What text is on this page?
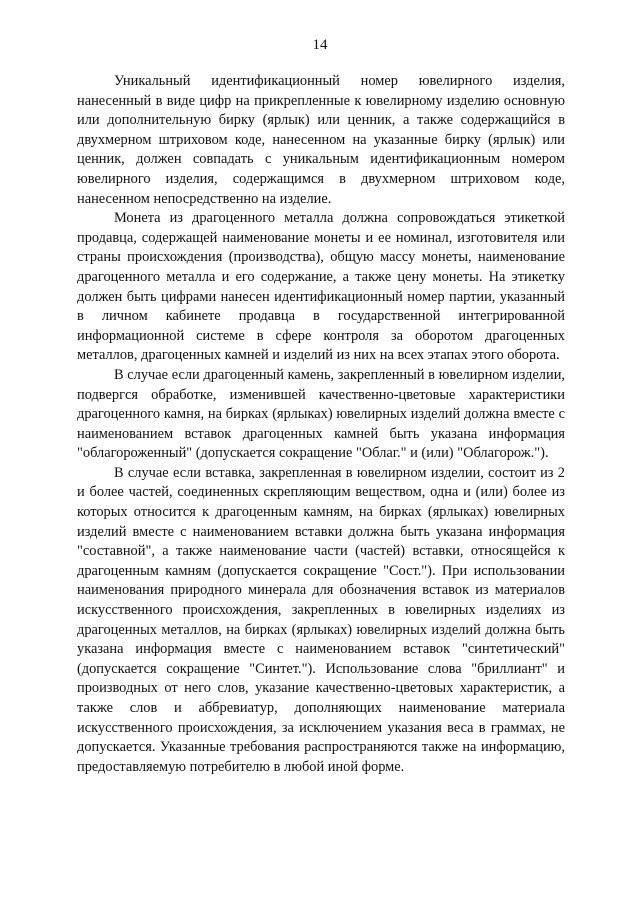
14

Уникальный идентификационный номер ювелирного изделия, нанесенный в виде цифр на прикрепленные к ювелирному изделию основную или дополнительную бирку (ярлык) или ценник, а также содержащийся в двухмерном штриховом коде, нанесенном на указанные бирку (ярлык) или ценник, должен совпадать с уникальным идентификационным номером ювелирного изделия, содержащимся в двухмерном штриховом коде, нанесенном непосредственно на изделие.

Монета из драгоценного металла должна сопровождаться этикеткой продавца, содержащей наименование монеты и ее номинал, изготовителя или страны происхождения (производства), общую массу монеты, наименование драгоценного металла и его содержание, а также цену монеты. На этикетку должен быть цифрами нанесен идентификационный номер партии, указанный в личном кабинете продавца в государственной интегрированной информационной системе в сфере контроля за оборотом драгоценных металлов, драгоценных камней и изделий из них на всех этапах этого оборота.

В случае если драгоценный камень, закрепленный в ювелирном изделии, подвергся обработке, изменившей качественно-цветовые характеристики драгоценного камня, на бирках (ярлыках) ювелирных изделий должна вместе с наименованием вставок драгоценных камней быть указана информация "облагороженный" (допускается сокращение "Облаг." и (или) "Облагорож.").

В случае если вставка, закрепленная в ювелирном изделии, состоит из 2 и более частей, соединенных скрепляющим веществом, одна и (или) более из которых относится к драгоценным камням, на бирках (ярлыках) ювелирных изделий вместе с наименованием вставки должна быть указана информация "составной", а также наименование части (частей) вставки, относящейся к драгоценным камням (допускается сокращение "Сост."). При использовании наименования природного минерала для обозначения вставок из материалов искусственного происхождения, закрепленных в ювелирных изделиях из драгоценных металлов, на бирках (ярлыках) ювелирных изделий должна быть указана информация вместе с наименованием вставок "синтетический" (допускается сокращение "Синтет."). Использование слова "бриллиант" и производных от него слов, указание качественно-цветовых характеристик, а также слов и аббревиатур, дополняющих наименование материала искусственного происхождения, за исключением указания веса в граммах, не допускается. Указанные требования распространяются также на информацию, предоставляемую потребителю в любой иной форме.
